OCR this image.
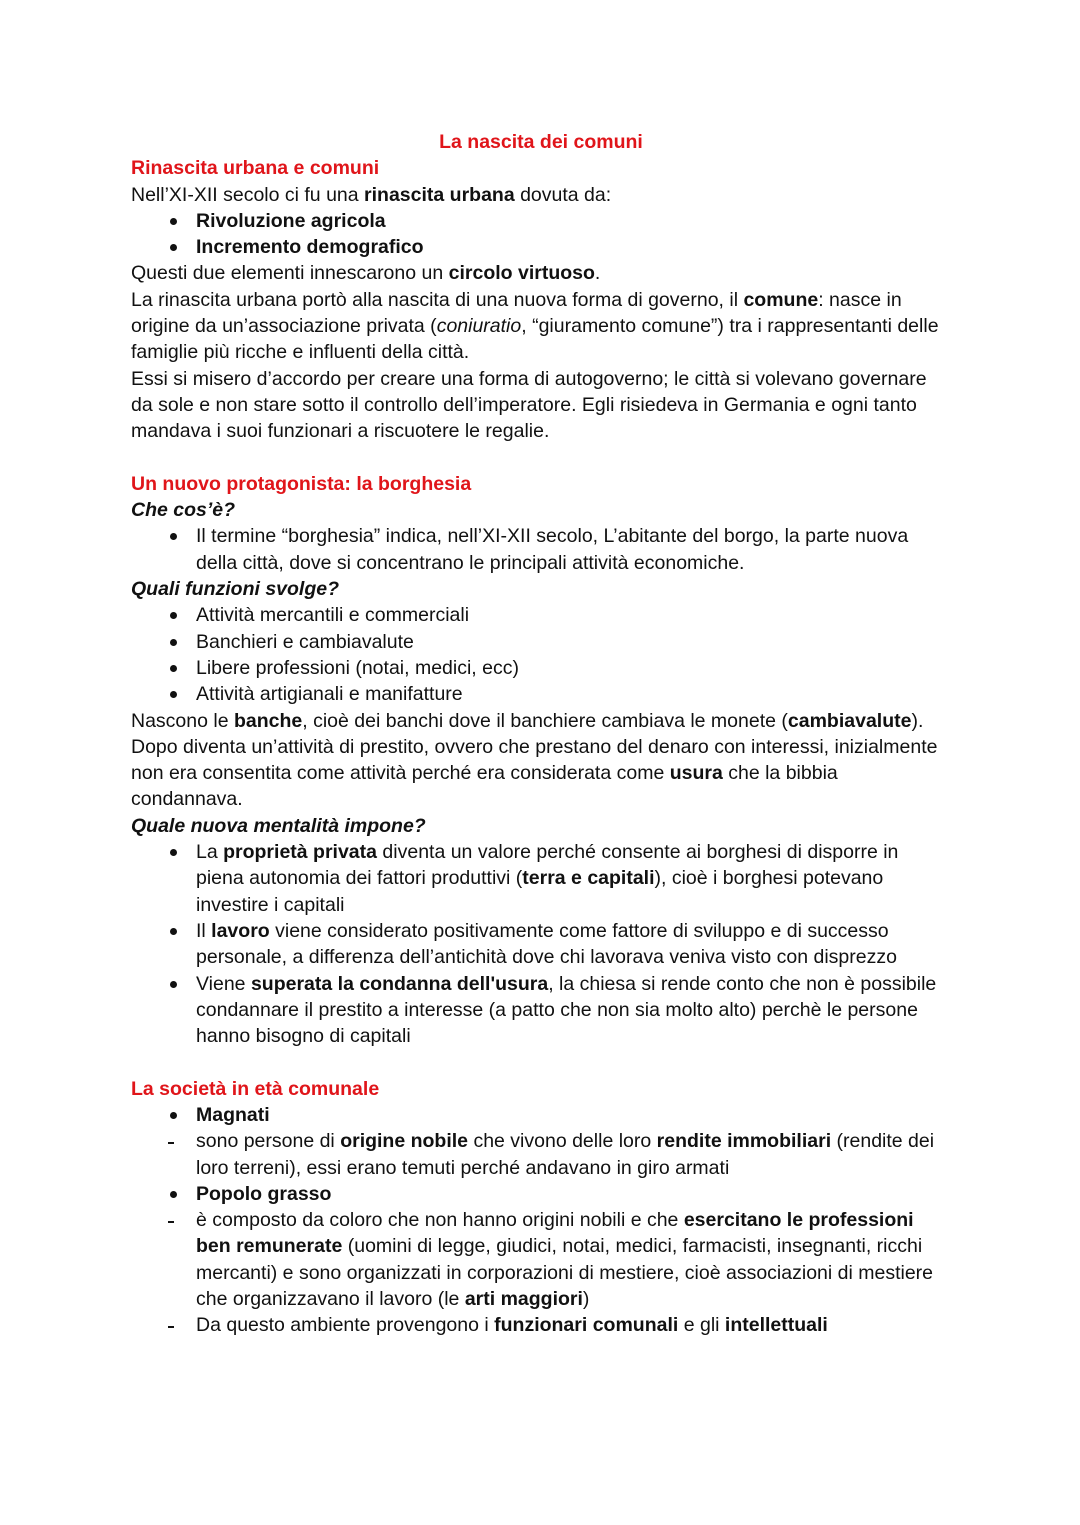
La nascita dei comuni

Rinascita urbana e comuni

Nell’XI-XII secolo ci fu una rinascita urbana dovuta da:

Rivoluzione agricola
Incremento demografico

Questi due elementi innescarono un circolo virtuoso.

La rinascita urbana portò alla nascita di una nuova forma di governo, il comune: nasce in origine da un’associazione privata (coniuratio, “giuramento comune”) tra i rappresentanti delle famiglie più ricche e influenti della città.

Essi si misero d’accordo per creare una forma di autogoverno; le città si volevano governare da sole e non stare sotto il controllo dell’imperatore. Egli risiedeva in Germania e ogni tanto mandava i suoi funzionari a riscuotere le regalie.

Un nuovo protagonista: la borghesia

Che cos’è?

Il termine “borghesia” indica, nell’XI-XII secolo, L’abitante del borgo, la parte nuova della città, dove si concentrano le principali attività economiche.

Quali funzioni svolge?

Attività mercantili e commerciali
Banchieri e cambiavalute
Libere professioni (notai, medici, ecc)
Attività artigianali e manifatture

Nascono le banche, cioè dei banchi dove il banchiere cambiava le monete (cambiavalute). Dopo diventa un’attività di prestito, ovvero che prestano del denaro con interessi, inizialmente non era consentita come attività perché era considerata come usura che la bibbia condannava.

Quale nuova mentalità impone?

La proprietà privata diventa un valore perché consente ai borghesi di disporre in piena autonomia dei fattori produttivi (terra e capitali), cioè i borghesi potevano investire i capitali
Il lavoro viene considerato positivamente come fattore di sviluppo e di successo personale, a differenza dell’antichità dove chi lavorava veniva visto con disprezzo
Viene superata la condanna dell'usura, la chiesa si rende conto che non è possibile condannare il prestito a interesse (a patto che non sia molto alto) perchè le persone hanno bisogno di capitali
La società in età comunale
Magnati
sono persone di origine nobile che vivono delle loro rendite immobiliari (rendite dei loro terreni), essi erano temuti perché andavano in giro armati
Popolo grasso
è composto da coloro che non hanno origini nobili e che esercitano le professioni ben remunerate (uomini di legge, giudici, notai, medici, farmacisti, insegnanti, ricchi mercanti) e sono organizzati in corporazioni di mestiere, cioè associazioni di mestiere che organizzavano il lavoro (le arti maggiori)
Da questo ambiente provengono i funzionari comunali e gli intellettuali
